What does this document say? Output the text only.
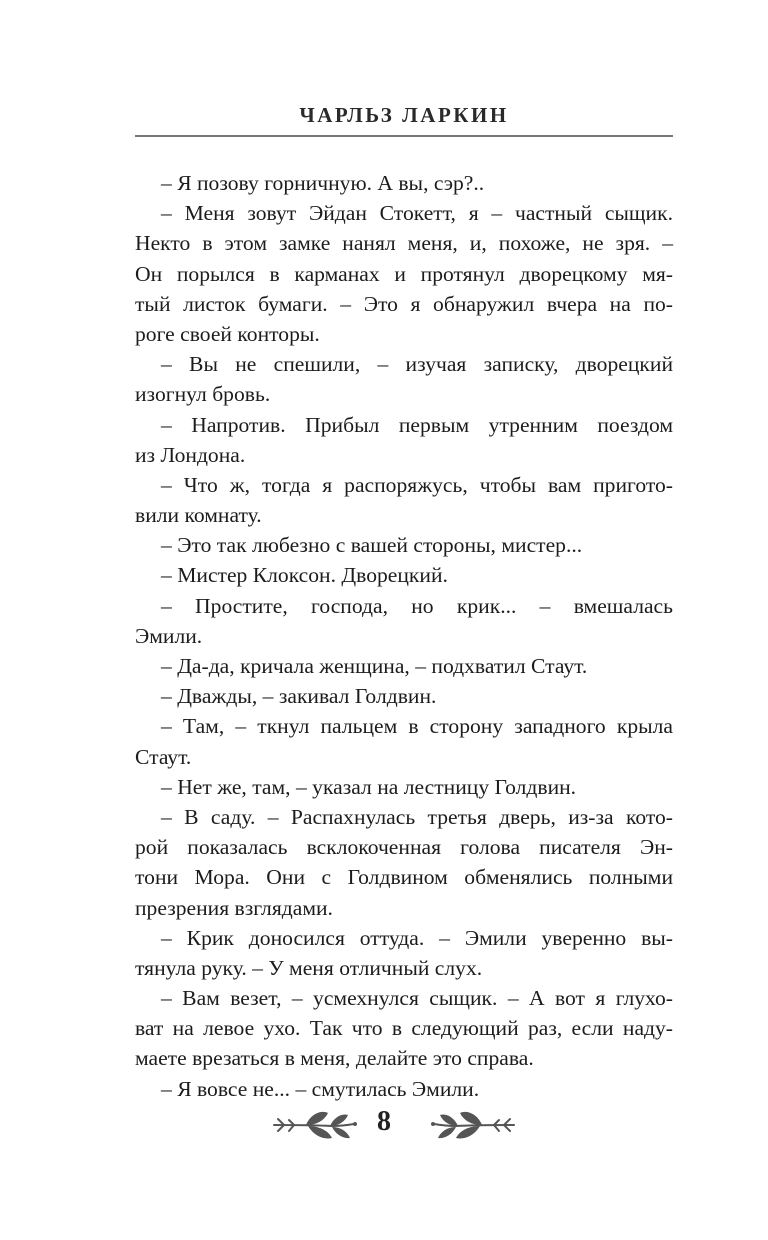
ЧАРЛЬЗ ЛАРКИН
– Я позову горничную. А вы, сэр?..
– Меня зовут Эйдан Стокетт, я – частный сыщик.
Некто в этом замке нанял меня, и, похоже, не зря. –
Он порылся в карманах и протянул дворецкому мя-
тый листок бумаги. – Это я обнаружил вчера на по-
роге своей конторы.
– Вы не спешили, – изучая записку, дворецкий
изогнул бровь.
– Напротив. Прибыл первым утренним поездом
из Лондона.
– Что ж, тогда я распоряжусь, чтобы вам пригото-
вили комнату.
– Это так любезно с вашей стороны, мистер...
– Мистер Клоксон. Дворецкий.
– Простите, господа, но крик... – вмешалась
Эмили.
– Да-да, кричала женщина, – подхватил Стаут.
– Дважды, – закивал Голдвин.
– Там, – ткнул пальцем в сторону западного крыла
Стаут.
– Нет же, там, – указал на лестницу Голдвин.
– В саду. – Распахнулась третья дверь, из-за кото-
рой показалась всклокоченная голова писателя Эн-
тони Мора. Они с Голдвином обменялись полными
презрения взглядами.
– Крик доносился оттуда. – Эмили уверенно вы-
тянула руку. – У меня отличный слух.
– Вам везет, – усмехнулся сыщик. – А вот я глухо-
ват на левое ухо. Так что в следующий раз, если наду-
маете врезаться в меня, делайте это справа.
– Я вовсе не... – смутилась Эмили.
8
